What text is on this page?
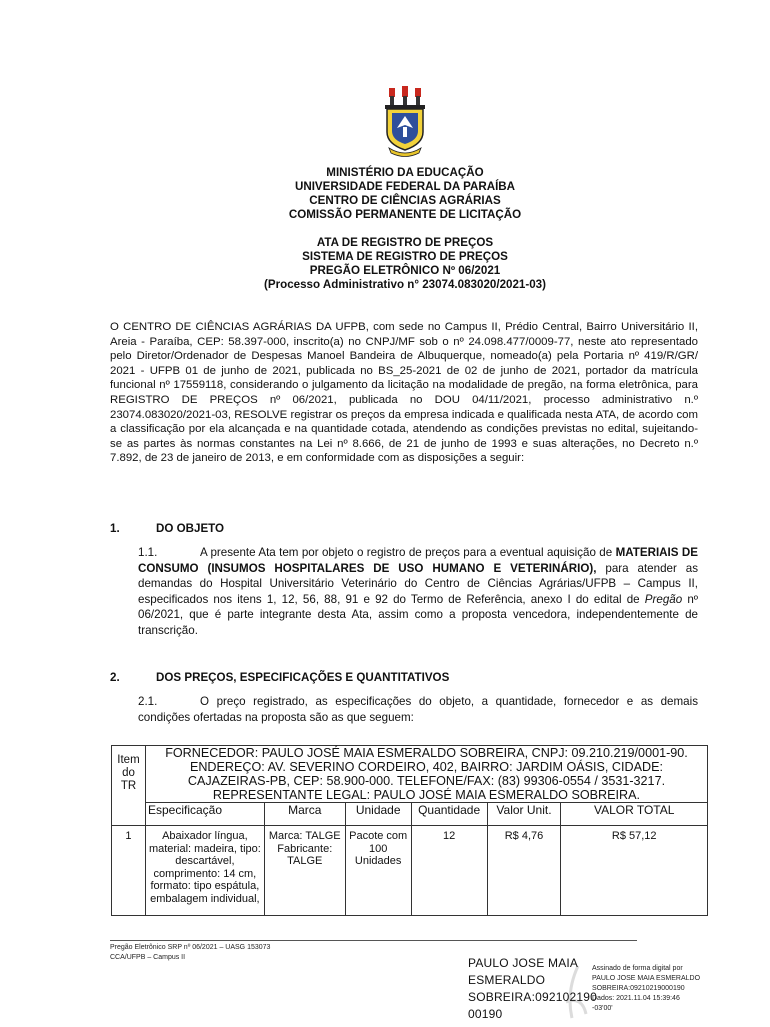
MINISTÉRIO DA EDUCAÇÃO
UNIVERSIDADE FEDERAL DA PARAÍBA
CENTRO DE CIÊNCIAS AGRÁRIAS
COMISSÃO PERMANENTE DE LICITAÇÃO
ATA DE REGISTRO DE PREÇOS
SISTEMA DE REGISTRO DE PREÇOS
PREGÃO ELETRÔNICO Nº 06/2021
(Processo Administrativo n° 23074.083020/2021-03)
O CENTRO DE CIÊNCIAS AGRÁRIAS DA UFPB, com sede no Campus II, Prédio Central, Bairro Universitário II, Areia - Paraíba, CEP: 58.397-000, inscrito(a) no CNPJ/MF sob o nº 24.098.477/0009-77, neste ato representado pelo Diretor/Ordenador de Despesas Manoel Bandeira de Albuquerque, nomeado(a) pela Portaria nº 419/R/GR/ 2021 - UFPB 01 de junho de 2021, publicada no BS_25-2021 de 02 de junho de 2021, portador da matrícula funcional nº 17559118, considerando o julgamento da licitação na modalidade de pregão, na forma eletrônica, para REGISTRO DE PREÇOS nº 06/2021, publicada no DOU 04/11/2021, processo administrativo n.º 23074.083020/2021-03, RESOLVE registrar os preços da empresa indicada e qualificada nesta ATA, de acordo com a classificação por ela alcançada e na quantidade cotada, atendendo as condições previstas no edital, sujeitando-se as partes às normas constantes na Lei nº 8.666, de 21 de junho de 1993 e suas alterações, no Decreto n.º 7.892, de 23 de janeiro de 2013, e em conformidade com as disposições a seguir:
1.	DO OBJETO

1.1.	A presente Ata tem por objeto o registro de preços para a eventual aquisição de MATERIAIS DE CONSUMO (INSUMOS HOSPITALARES DE USO HUMANO E VETERINÁRIO), para atender as demandas do Hospital Universitário Veterinário do Centro de Ciências Agrárias/UFPB – Campus II, especificados nos itens 1, 12, 56, 88, 91 e 92 do Termo de Referência, anexo I do edital de Pregão nº 06/2021, que é parte integrante desta Ata, assim como a proposta vencedora, independentemente de transcrição.

2.	DOS PREÇOS, ESPECIFICAÇÕES E QUANTITATIVOS

2.1.	O preço registrado, as especificações do objeto, a quantidade, fornecedor e as demais condições ofertadas na proposta são as que seguem:

Item do TR	FORNECEDOR: PAULO JOSÉ MAIA ESMERALDO SOBREIRA, CNPJ: 09.210.219/0001-90.
ENDEREÇO: AV. SEVERINO CORDEIRO, 402, BAIRRO: JARDIM OÁSIS, CIDADE:
CAJAZEIRAS-PB, CEP: 58.900-000. TELEFONE/FAX: (83) 99306-0554 / 3531-3217.
REPRESENTANTE LEGAL: PAULO JOSÉ MAIA ESMERALDO SOBREIRA.					

	Especificação	Marca	Unidade	Quantidade	Valor Unit.	VALOR TOTAL
1	Abaixador língua, material: madeira, tipo: descartável, comprimento: 14 cm, formato: tipo espátula, embalagem individual,	Marca: TALGE Fabricante: TALGE	Pacote com 100 Unidades	12	R$ 4,76	R$ 57,12
Pregão Eletrônico SRP nº 06/2021 – UASG 153073
CCA/UFPB – Campus II	PAULO JOSE MAIA
ESMERALDO
SOBREIRA:092102190
00190
Assinado de forma digital por
PAULO JOSE MAIA ESMERALDO
SOBREIRA:09210219000190
Dados: 2021.11.04 15:39:46
-03'00'
